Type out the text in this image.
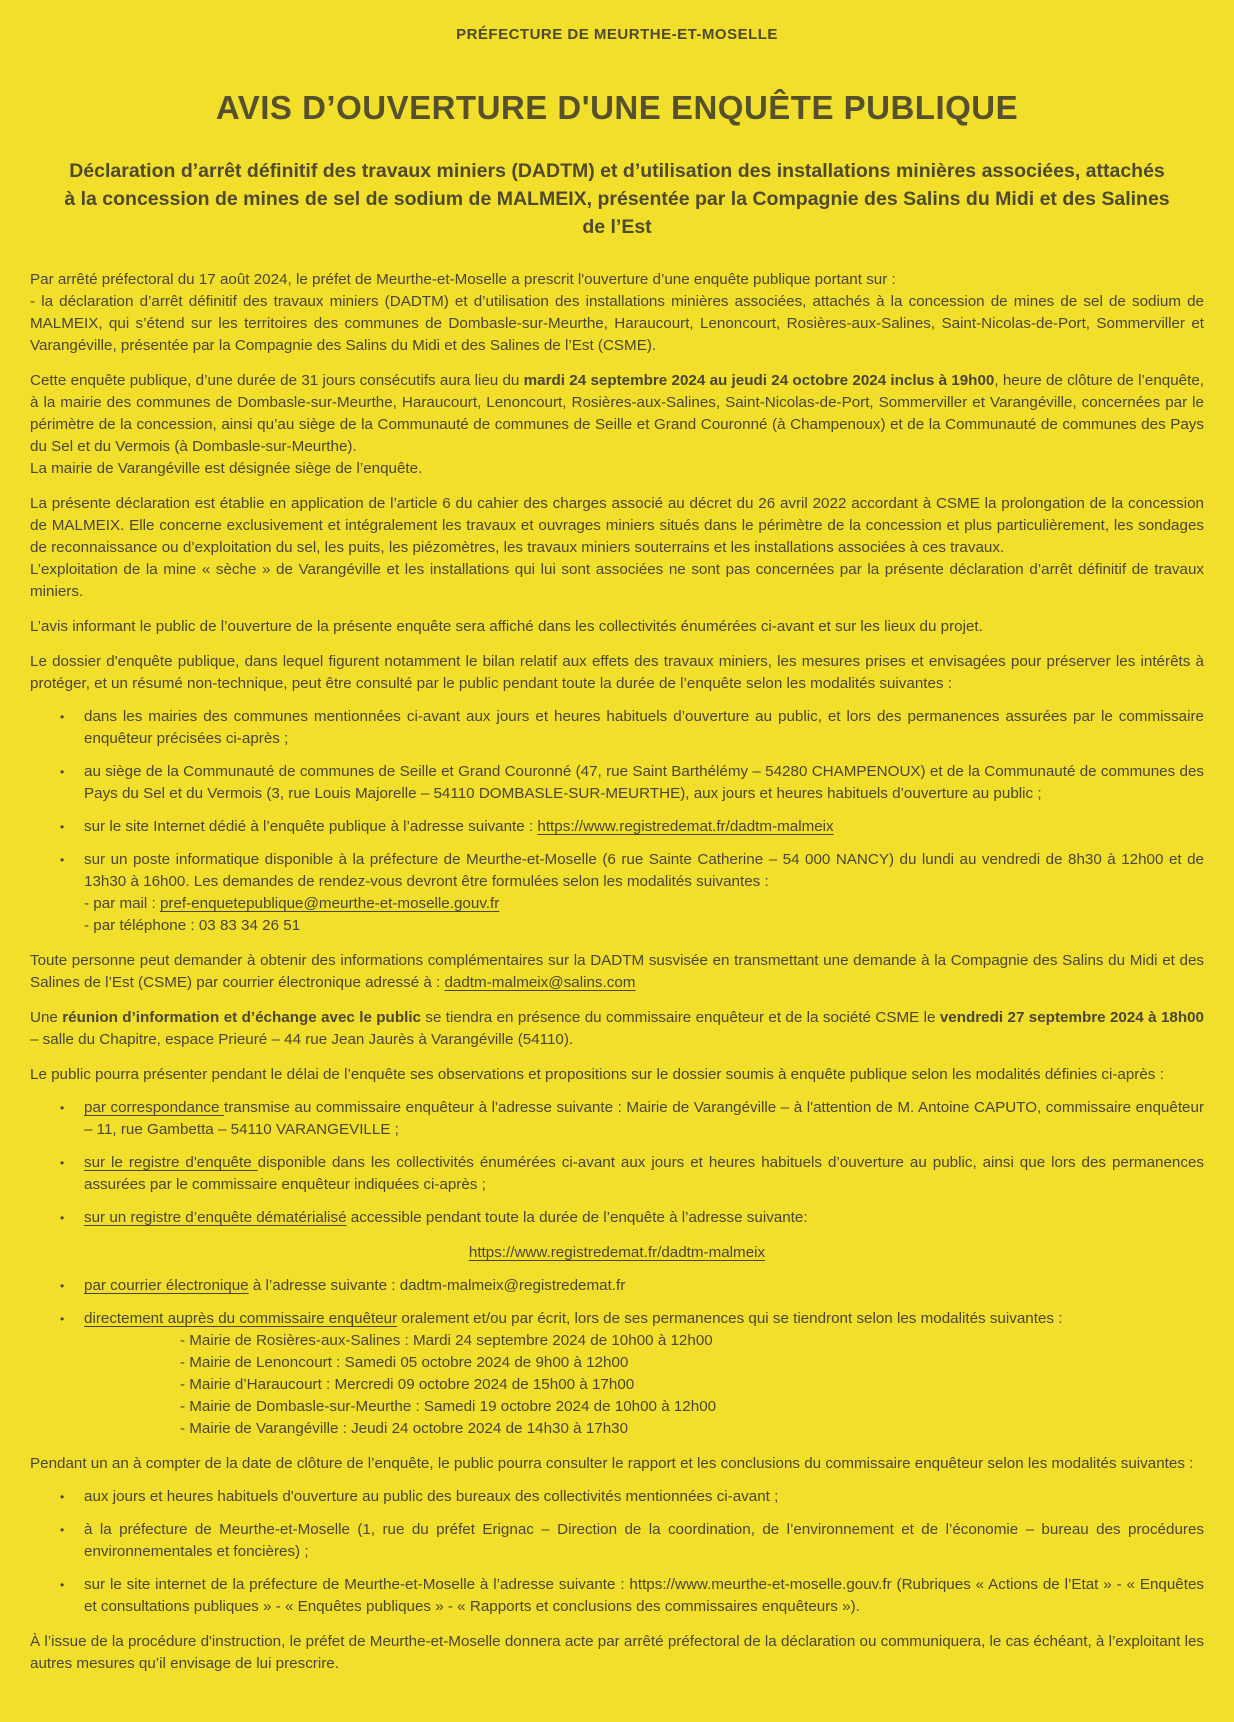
PRÉFECTURE DE MEURTHE-ET-MOSELLE
AVIS D’OUVERTURE D'UNE ENQUÊTE PUBLIQUE
Déclaration d’arrêt définitif des travaux miniers (DADTM) et d’utilisation des installations minières associées, attachés à la concession de mines de sel de sodium de MALMEIX, présentée par la Compagnie des Salins du Midi et des Salines de l’Est

Par arrêté préfectoral du 17 août 2024, le préfet de Meurthe-et-Moselle a prescrit l'ouverture d’une enquête publique portant sur :

- la déclaration d’arrêt définitif des travaux miniers (DADTM) et d’utilisation des installations minières associées, attachés à la concession de mines de sel de sodium de MALMEIX, qui s’étend sur les territoires des communes de Dombasle-sur-Meurthe, Haraucourt, Lenoncourt, Rosières-aux-Salines, Saint-Nicolas-de-Port, Sommerviller et Varangéville, présentée par la Compagnie des Salins du Midi et des Salines de l’Est (CSME).

Cette enquête publique, d’une durée de 31 jours consécutifs aura lieu du mardi 24 septembre 2024 au jeudi 24 octobre 2024 inclus à 19h00, heure de clôture de l’enquête, à la mairie des communes de Dombasle-sur-Meurthe, Haraucourt, Lenoncourt, Rosières-aux-Salines, Saint-Nicolas-de-Port, Sommerviller et Varangéville, concernées par le périmètre de la concession, ainsi qu’au siège de la Communauté de communes de Seille et Grand Couronné (à Champenoux) et de la Communauté de communes des Pays du Sel et du Vermois (à Dombasle-sur-Meurthe).

La mairie de Varangéville est désignée siège de l’enquête.

La présente déclaration est établie en application de l’article 6 du cahier des charges associé au décret du 26 avril 2022 accordant à CSME la prolongation de la concession de MALMEIX. Elle concerne exclusivement et intégralement les travaux et ouvrages miniers situés dans le périmètre de la concession et plus particulièrement, les sondages de reconnaissance ou d’exploitation du sel, les puits, les piézomètres, les travaux miniers souterrains et les installations associées à ces travaux.

L’exploitation de la mine « sèche » de Varangéville et les installations qui lui sont associées ne sont pas concernées par la présente déclaration d’arrêt définitif de travaux miniers.

L’avis informant le public de l’ouverture de la présente enquête sera affiché dans les collectivités énumérées ci-avant et sur les lieux du projet.

Le dossier d'enquête publique, dans lequel figurent notamment le bilan relatif aux effets des travaux miniers, les mesures prises et envisagées pour préserver les intérêts à protéger, et un résumé non-technique, peut être consulté par le public pendant toute la durée de l’enquête selon les modalités suivantes :

•	dans les mairies des communes mentionnées ci-avant aux jours et heures habituels d’ouverture au public, et lors des permanences assurées par le commissaire enquêteur précisées ci-après ;
•	au siège de la Communauté de communes de Seille et Grand Couronné (47, rue Saint Barthélémy – 54280 CHAMPENOUX) et de la Communauté de communes des Pays du Sel et du Vermois (3, rue Louis Majorelle – 54110 DOMBASLE-SUR-MEURTHE), aux jours et heures habituels d’ouverture au public ;
•	sur le site Internet dédié à l’enquête publique à l’adresse suivante : https://www.registredemat.fr/dadtm-malmeix
•	sur un poste informatique disponible à la préfecture de Meurthe-et-Moselle (6 rue Sainte Catherine – 54 000 NANCY) du lundi au vendredi de 8h30 à 12h00 et de 13h30 à 16h00. Les demandes de rendez-vous devront être formulées selon les modalités suivantes :
- par mail : pref-enquetepublique@meurthe-et-moselle.gouv.fr
- par téléphone : 03 83 34 26 51

Toute personne peut demander à obtenir des informations complémentaires sur la DADTM susvisée en transmettant une demande à la Compagnie des Salins du Midi et des Salines de l’Est (CSME) par courrier électronique adressé à : dadtm-malmeix@salins.com

Une réunion d’information et d’échange avec le public se tiendra en présence du commissaire enquêteur et de la société CSME le vendredi 27 septembre 2024 à 18h00 – salle du Chapitre, espace Prieuré – 44 rue Jean Jaurès à Varangéville (54110).

Le public pourra présenter pendant le délai de l’enquête ses observations et propositions sur le dossier soumis à enquête publique selon les modalités définies ci-après :

•	par correspondance transmise au commissaire enquêteur à l'adresse suivante : Mairie de Varangéville – à l'attention de M. Antoine CAPUTO, commissaire enquêteur – 11, rue Gambetta – 54110 VARANGEVILLE ;
•	sur le registre d'enquête disponible dans les collectivités énumérées ci-avant aux jours et heures habituels d’ouverture au public, ainsi que lors des permanences assurées par le commissaire enquêteur indiquées ci-après ;
•	sur un registre d’enquête dématérialisé accessible pendant toute la durée de l’enquête à l’adresse suivante:

https://www.registredemat.fr/dadtm-malmeix

•	par courrier électronique à l’adresse suivante : dadtm-malmeix@registredemat.fr
•	directement auprès du commissaire enquêteur oralement et/ou par écrit, lors de ses permanences qui se tiendront selon les modalités suivantes :
- Mairie de Rosières-aux-Salines : Mardi 24 septembre 2024 de 10h00 à 12h00
- Mairie de Lenoncourt : Samedi 05 octobre 2024 de 9h00 à 12h00
- Mairie d’Haraucourt : Mercredi 09 octobre 2024 de 15h00 à 17h00
- Mairie de Dombasle-sur-Meurthe : Samedi 19 octobre 2024 de 10h00 à 12h00
- Mairie de Varangéville : Jeudi 24 octobre 2024 de 14h30 à 17h30

Pendant un an à compter de la date de clôture de l’enquête, le public pourra consulter le rapport et les conclusions du commissaire enquêteur selon les modalités suivantes :

•	aux jours et heures habituels d'ouverture au public des bureaux des collectivités mentionnées ci-avant ;
•	à la préfecture de Meurthe-et-Moselle (1, rue du préfet Erignac – Direction de la coordination, de l’environnement et de l’économie – bureau des procédures environnementales et foncières) ;
•	sur le site internet de la préfecture de Meurthe-et-Moselle à l’adresse suivante : https://www.meurthe-et-moselle.gouv.fr (Rubriques « Actions de l’Etat » - « Enquêtes et consultations publiques » - « Enquêtes publiques » - « Rapports et conclusions des commissaires enquêteurs »).

À l’issue de la procédure d'instruction, le préfet de Meurthe-et-Moselle donnera acte par arrêté préfectoral de la déclaration ou communiquera, le cas échéant, à l’exploitant les autres mesures qu’il envisage de lui prescrire.
